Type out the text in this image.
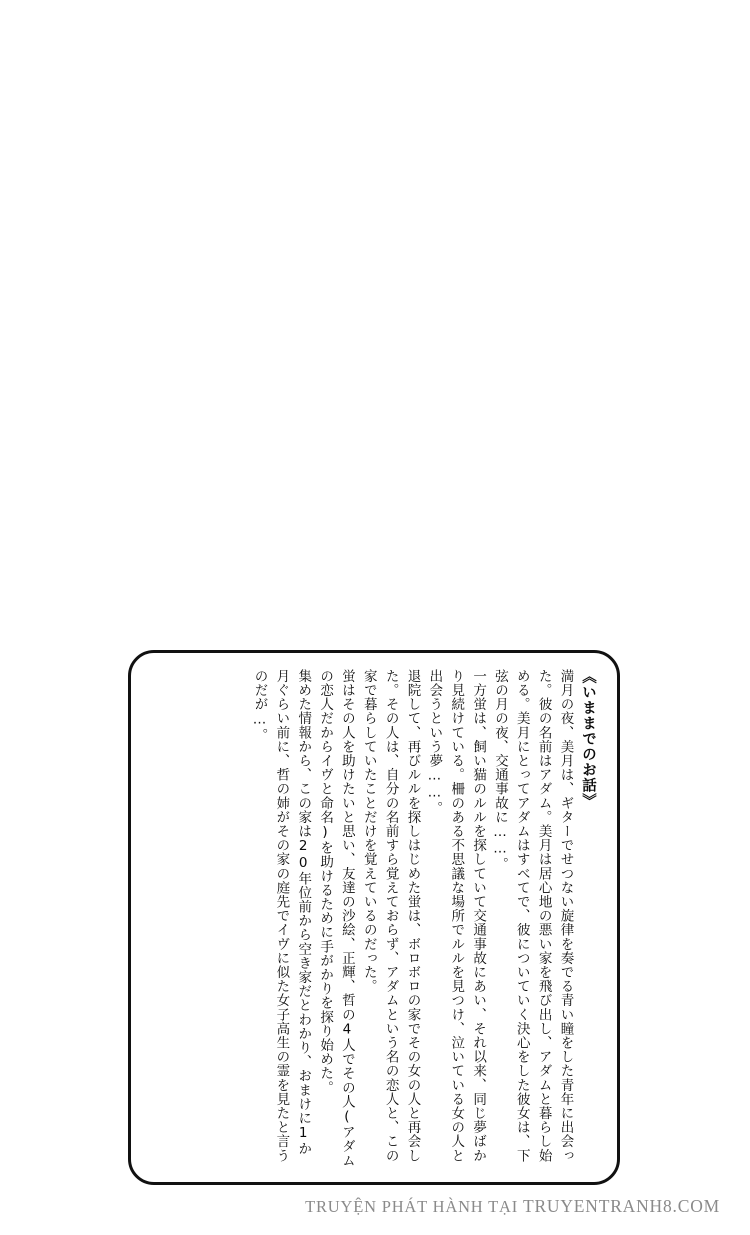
《いままでのお話》
満月の夜、美月は、ギターでせつない旋律を奏でる青い瞳をした青年に出会った。彼の名前はアダム。美月は居心地の悪い家を飛び出し、アダムと暮らし始める。美月にとってアダムはすべてで、彼についていく決心をした彼女は、下弦の月の夜、交通事故に……。
一方蛍は、飼い猫のルルを探していて交通事故にあい、それ以来、同じ夢ばかり見続けている。柵のある不思議な場所でルルを見つけ、泣いている女の人と出会うという夢……。
退院して、再びルルを探しはじめた蛍は、ボロボロの家でその女の人と再会した。その人は、自分の名前すら覚えておらず、アダムという名の恋人と、この家で暮らしていたことだけを覚えているのだった。
蛍はその人を助けたいと思い、友達の沙絵、正輝、哲の4人でその人(アダムの恋人だからイヴと命名)を助けるために手がかりを探り始めた。
集めた情報から、この家は20年位前から空き家だとわかり、おまけに1か月ぐらい前に、哲の姉がその家の庭先でイヴに似た女子高生の霊を見たと言うのだが…。
TRUYỆN PHÁT HÀNH TẠI TRUYENTRANH8.COM
